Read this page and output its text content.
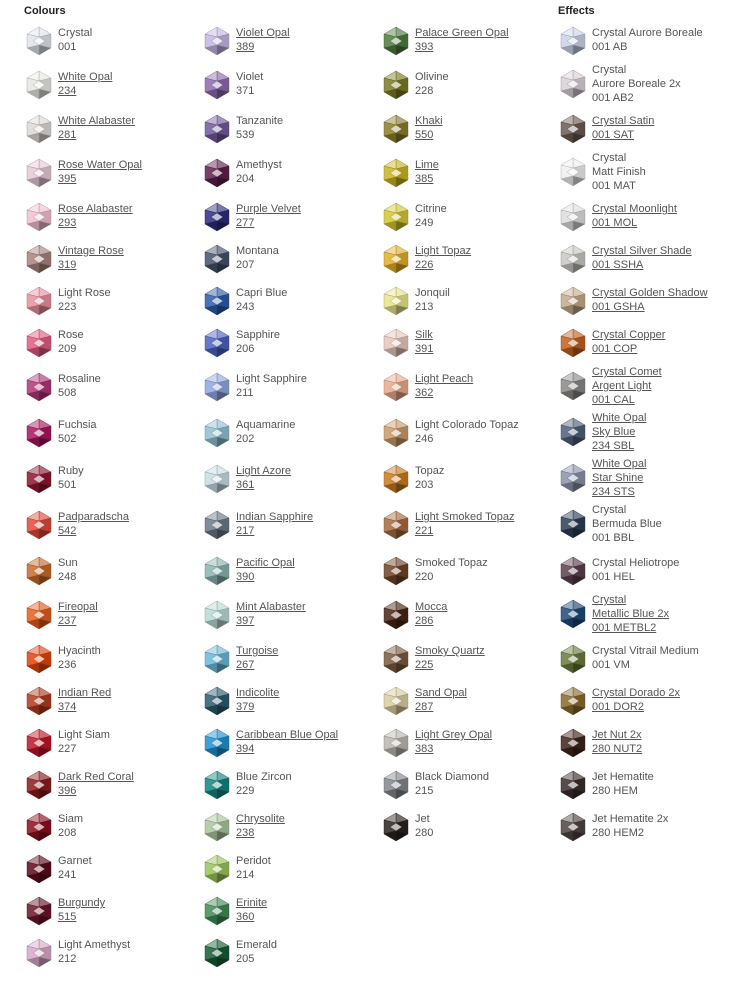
Colours	Effects
Crystal
001
White Opal
234
White Alabaster
281
Rose Water Opal
395
Rose Alabaster
293
Vintage Rose
319
Light Rose
223
Rose
209
Rosaline
508
Fuchsia
502
Ruby
501
Padparadscha
542
Sun
248
Fireopal
237
Hyacinth
236
Indian Red
374
Light Siam
227
Dark Red Coral
396
Siam
208
Garnet
241
Burgundy
515
Light Amethyst
212
Violet Opal
389
Violet
371
Tanzanite
539
Amethyst
204
Purple Velvet
277
Montana
207
Capri Blue
243
Sapphire
206
Light Sapphire
211
Aquamarine
202
Light Azore
361
Indian Sapphire
217
Pacific Opal
390
Mint Alabaster
397
Turgoise
267
Indicolite
379
Caribbean Blue Opal
394
Blue Zircon
229
Chrysolite
238
Peridot
214
Erinite
360
Emerald
205
Palace Green Opal
393
Olivine
228
Khaki
550
Lime
385
Citrine
249
Light Topaz
226
Jonquil
213
Silk
391
Light Peach
362
Light Colorado Topaz
246
Topaz
203
Light Smoked Topaz
221
Smoked Topaz
220
Mocca
286
Smoky Quartz
225
Sand Opal
287
Light Grey Opal
383
Black Diamond
215
Jet
280
Crystal Aurore Boreale
001 AB
Crystal
Aurore Boreale 2x
001 AB2
Crystal Satin
001 SAT
Crystal
Matt Finish
001 MAT
Crystal Moonlight
001 MOL
Crystal Silver Shade
001 SSHA
Crystal Golden Shadow
001 GSHA
Crystal Copper
001 COP
Crystal Comet
Argent Light
001 CAL
White Opal
Sky Blue
234 SBL
White Opal
Star Shine
234 STS
Crystal
Bermuda Blue
001 BBL
Crystal Heliotrope
001 HEL
Crystal
Metallic Blue 2x
001 METBL2
Crystal Vitrail Medium
001 VM
Crystal Dorado 2x
001 DOR2
Jet Nut 2x
280 NUT2
Jet Hematite
280 HEM
Jet Hematite 2x
280 HEM2
